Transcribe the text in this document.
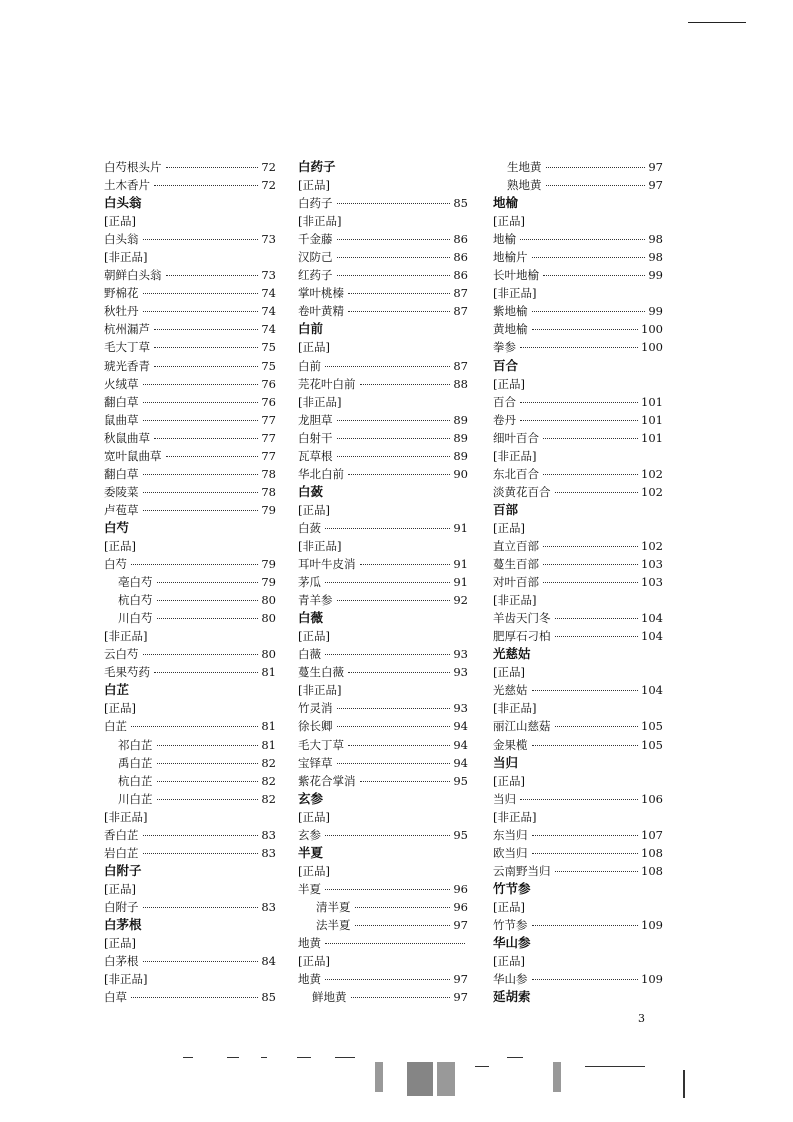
白芍根头片	72
土木香片	72
白头翁
[正品]
白头翁	73
[非正品]
朝鲜白头翁	73
野棉花	74
秋牡丹	74
杭州漏芦	74
毛大丁草	75
琥光香青	75
火绒草	76
翻白草	76
鼠曲草	77
秋鼠曲草	77
宽叶鼠曲草	77
翻白草	78
委陵菜	78
卢苞草	79
白芍
[正品]
白芍	79
亳白芍	79
杭白芍	80
川白芍	80
[非正品]
云白芍	80
毛果芍药	81
白芷
[正品]
白芷	81
祁白芷	81
禹白芷	82
杭白芷	82
川白芷	82
[非正品]
香白芷	83
岩白芷	83
白附子
[正品]
白附子	83
白茅根
[正品]
白茅根	84
[非正品]
白草	85
白药子
[正品]
白药子	85
[非正品]
千金藤	86
汉防己	86
红药子	86
掌叶桃榛	87
卷叶黄精	87
白前
[正品]
白前	87
芫花叶白前	88
[非正品]
龙胆草	89
白射干	89
瓦草根	89
华北白前	90
白蔹
[正品]
白蔹	91
[非正品]
耳叶牛皮消	91
茅瓜	91
青羊参	92
白薇
[正品]
白薇	93
蔓生白薇	93
[非正品]
竹灵消	93
徐长卿	94
毛大丁草	94
宝铎草	94
紫花合掌消	95
玄参
[正品]
玄参	95
半夏
[正品]
半夏	96
清半夏	96
法半夏	97
地黄
[正品]
地黄	97
鲜地黄	97
生地黄	97
熟地黄	97
地榆
[正品]
地榆	98
地榆片	98
长叶地榆	99
[非正品]
紫地榆	99
黄地榆	100
拳参	100
百合
[正品]
百合	101
卷丹	101
细叶百合	101
[非正品]
东北百合	102
淡黄花百合	102
百部
[正品]
直立百部	102
蔓生百部	103
对叶百部	103
[非正品]
羊齿天门冬	104
肥厚石刁柏	104
光慈姑
[正品]
光慈姑	104
[非正品]
丽江山慈菇	105
金果榄	105
当归
[正品]
当归	106
[非正品]
东当归	107
欧当归	108
云南野当归	108
竹节参
[正品]
竹节参	109
华山参
[正品]
华山参	109
延胡索
3
